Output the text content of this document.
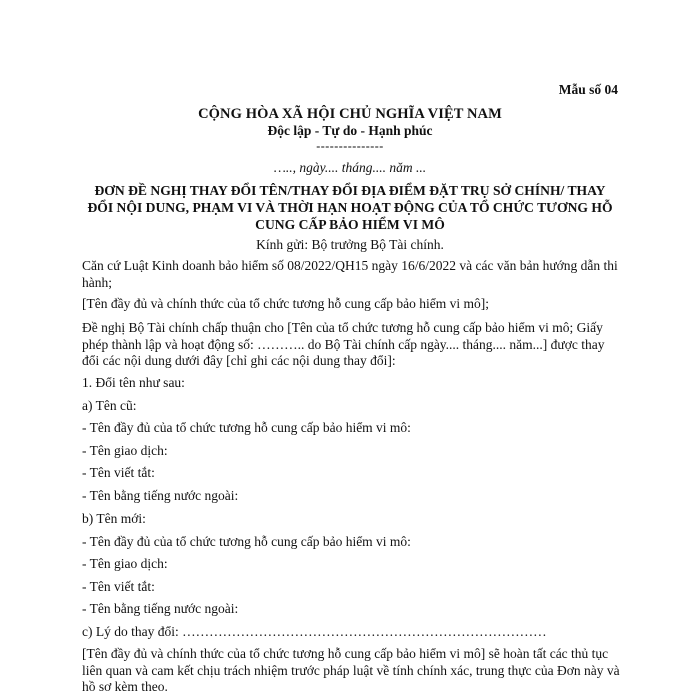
Mẫu số 04
CỘNG HÒA XÃ HỘI CHỦ NGHĨA VIỆT NAM
Độc lập - Tự do - Hạnh phúc
---------------
….., ngày.... tháng.... năm ...
ĐƠN ĐỀ NGHỊ THAY ĐỔI TÊN/THAY ĐỔI ĐỊA ĐIỂM ĐẶT TRỤ SỞ CHÍNH/ THAY ĐỔI NỘI DUNG, PHẠM VI VÀ THỜI HẠN HOẠT ĐỘNG CỦA TỔ CHỨC TƯƠNG HỖ CUNG CẤP BẢO HIỂM VI MÔ
Kính gửi: Bộ trưởng Bộ Tài chính.
Căn cứ Luật Kinh doanh bảo hiểm số 08/2022/QH15 ngày 16/6/2022 và các văn bản hướng dẫn thi hành;
[Tên đầy đủ và chính thức của tổ chức tương hỗ cung cấp bảo hiểm vi mô];
Đề nghị Bộ Tài chính chấp thuận cho [Tên của tổ chức tương hỗ cung cấp bảo hiểm vi mô; Giấy phép thành lập và hoạt động số: ……….. do Bộ Tài chính cấp ngày.... tháng.... năm...] được thay đổi các nội dung dưới đây [chỉ ghi các nội dung thay đổi]:
1. Đổi tên như sau:
a) Tên cũ:
- Tên đầy đủ của tổ chức tương hỗ cung cấp bảo hiểm vi mô:
- Tên giao dịch:
- Tên viết tắt:
- Tên bằng tiếng nước ngoài:
b) Tên mới:
- Tên đầy đủ của tổ chức tương hỗ cung cấp bảo hiểm vi mô:
- Tên giao dịch:
- Tên viết tắt:
- Tên bằng tiếng nước ngoài:
c) Lý do thay đổi: ………………………………………………………………………
[Tên đầy đủ và chính thức của tổ chức tương hỗ cung cấp bảo hiểm vi mô] sẽ hoàn tất các thủ tục liên quan và cam kết chịu trách nhiệm trước pháp luật về tính chính xác, trung thực của Đơn này và hồ sơ kèm theo.
